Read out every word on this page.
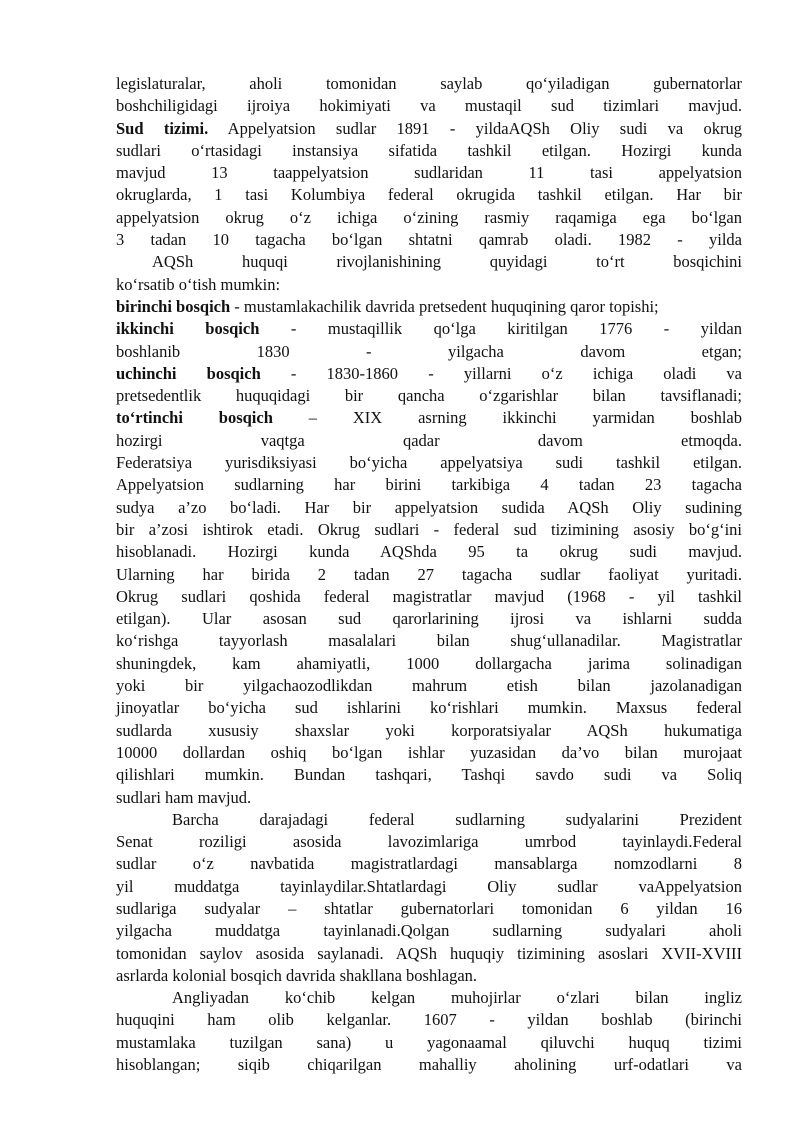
legislaturalar, aholi tomonidan saylab qo‘yiladigan gubernatorlar
boshchiligidagi ijroiya hokimiyati va mustaqil sud tizimlari mavjud.
Sud tizimi. Appelyatsion sudlar 1891 - yildaAQSh Oliy sudi va okrug
sudlari o‘rtasidagi instansiya sifatida tashkil etilgan. Hozirgi kunda
mavjud 13 taappelyatsion sudlaridan 11 tasi appelyatsion
okruglarda, 1 tasi Kolumbiya federal okrugida tashkil etilgan. Har bir
appelyatsion okrug o‘z ichiga o‘zining rasmiy raqamiga ega bo‘lgan
3 tadan 10 tagacha bo‘lgan shtatni qamrab oladi. 1982 - yilda
AQSh huquqi rivojlanishining quyidagi to‘rt bosqichini
ko‘rsatib o‘tish mumkin:
birinchi bosqich - mustamlakachilik davrida pretsedent huquqining qaror topishi;
ikkinchi bosqich - mustaqillik qo‘lga kiritilgan 1776 - yildan
boshlanib 1830 - yilgacha davom etgan;
uchinchi bosqich - 1830-1860 - yillarni o‘z ichiga oladi va
pretsedentlik huquqidagi bir qancha o‘zgarishlar bilan tavsiflanadi;
to‘rtinchi bosqich – XIX asrning ikkinchi yarmidan boshlab
hozirgi vaqtga qadar davom etmoqda.
Federatsiya yurisdiksiyasi bo‘yicha appelyatsiya sudi tashkil etilgan.
Appelyatsion sudlarning har birini tarkibiga 4 tadan 23 tagacha
sudya a’zo bo‘ladi. Har bir appelyatsion sudida AQSh Oliy sudining
bir a’zosi ishtirok etadi. Okrug sudlari - federal sud tizimining asosiy bo‘g‘ini
hisoblanadi. Hozirgi kunda AQShda 95 ta okrug sudi mavjud.
Ularning har birida 2 tadan 27 tagacha sudlar faoliyat yuritadi.
Okrug sudlari qoshida federal magistratlar mavjud (1968 - yil tashkil
etilgan). Ular asosan sud qarorlarining ijrosi va ishlarni sudda
ko‘rishga tayyorlash masalalari bilan shug‘ullanadilar. Magistratlar
shuningdek, kam ahamiyatli, 1000 dollargacha jarima solinadigan
yoki bir yilgachaozodlikdan mahrum etish bilan jazolanadigan
jinoyatlar bo‘yicha sud ishlarini ko‘rishlari mumkin. Maxsus federal
sudlarda xususiy shaxslar yoki korporatsiyalar AQSh hukumatiga
10000 dollardan oshiq bo‘lgan ishlar yuzasidan da’vo bilan murojaat
qilishlari mumkin. Bundan tashqari, Tashqi savdo sudi va Soliq
sudlari ham mavjud.
Barcha darajadagi federal sudlarning sudyalarini Prezident
Senat roziligi asosida lavozimlariga umrbod tayinlaydi.Federal
sudlar o‘z navbatida magistratlardagi mansablarga nomzodlarni 8
yil muddatga tayinlaydilar.Shtatlardagi Oliy sudlar vaAppelyatsion
sudlariga sudyalar – shtatlar gubernatorlari tomonidan 6 yildan 16
yilgacha muddatga tayinlanadi.Qolgan sudlarning sudyalari aholi
tomonidan saylov asosida saylanadi. AQSh huquqiy tizimining asoslari XVII-XVIII
asrlarda kolonial bosqich davrida shakllana boshlagan.
Angliyadan ko‘chib kelgan muhojirlar o‘zlari bilan ingliz
huquqini ham olib kelganlar. 1607 - yildan boshlab (birinchi
mustamlaka tuzilgan sana) u yagonaamal qiluvchi huquq tizimi
hisoblangan; siqib chiqarilgan mahalliy aholining urf-odatlari va
